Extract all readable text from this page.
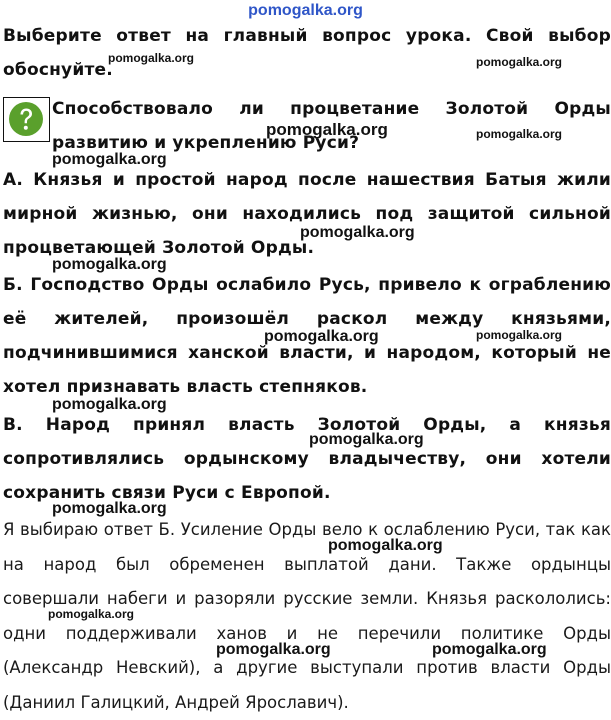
pomogalka.org
Выберите ответ на главный вопрос урока. Свой выбор обоснуйте.
pomogalka.org	pomogalka.org
Способствовало ли процветание Золотой Орды развитию и укреплению Руси?
pomogalka.org	pomogalka.org
pomogalka.org
А. Князья и простой народ после нашествия Батыя жили мирной жизнью, они находились под защитой сильной процветающей Золотой Орды.
pomogalka.org
pomogalka.org
Б. Господство Орды ослабило Русь, привело к ограблению её жителей, произошёл раскол между князьями, подчинившимися ханской власти, и народом, который не хотел признавать власть степняков.
pomogalka.org	pomogalka.org
pomogalka.org
В. Народ принял власть Золотой Орды, а князья сопротивлялись ордынскому владычеству, они хотели сохранить связи Руси с Европой.
pomogalka.org
pomogalka.org
Я выбираю ответ Б. Усиление Орды вело к ослаблению Руси, так как на народ был обременен выплатой дани. Также ордынцы совершали набеги и разоряли русские земли. Князья раскололись: одни поддерживали ханов и не перечили политике Орды (Александр Невский), а другие выступали против власти Орды (Даниил Галицкий, Андрей Ярославич).
pomogalka.org
pomogalka.org
pomogalka.org	pomogalka.org
